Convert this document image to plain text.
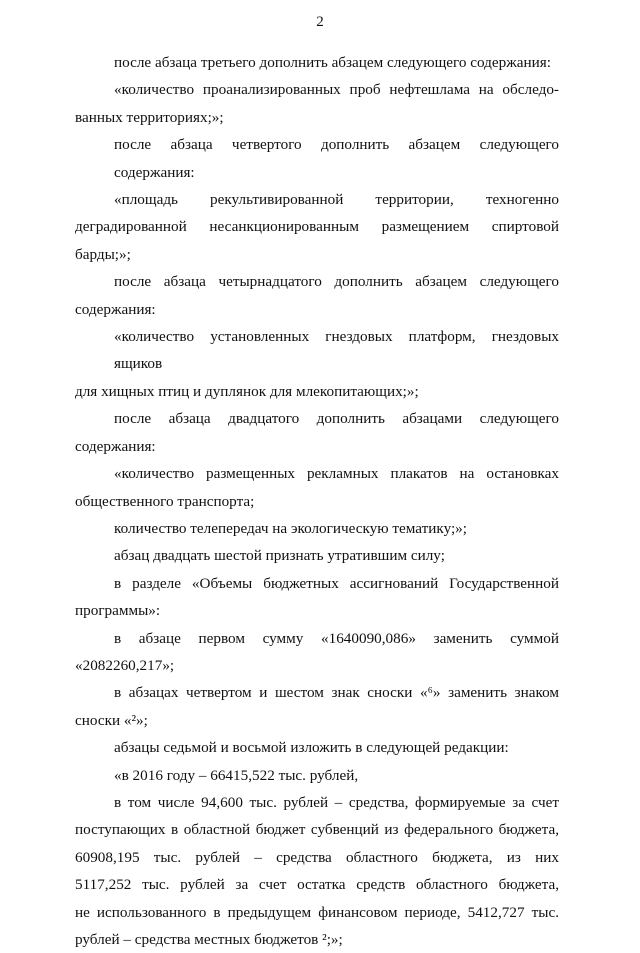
2
после абзаца третьего дополнить абзацем следующего содержания:
«количество проанализированных проб нефтешлама на обследо-
ванных территориях;»;
после абзаца четвертого дополнить абзацем следующего содержания:
«площадь рекультивированной территории, техногенно
деградированной несанкционированным размещением спиртовой барды;»;
после абзаца четырнадцатого дополнить абзацем следующего
содержания:
«количество установленных гнездовых платформ, гнездовых ящиков
для хищных птиц и дуплянок для млекопитающих;»;
после абзаца двадцатого дополнить абзацами следующего
содержания:
«количество размещенных рекламных плакатов на остановках
общественного транспорта;
количество телепередач на экологическую тематику;»;
абзац двадцать шестой признать утратившим силу;
в разделе «Объемы бюджетных ассигнований Государственной
программы»:
в абзаце первом сумму «1640090,086» заменить суммой
«2082260,217»;
в абзацах четвертом и шестом знак сноски «⁶» заменить знаком
сноски «²»;
абзацы седьмой и восьмой изложить в следующей редакции:
«в 2016 году – 66415,522 тыс. рублей,
в том числе 94,600 тыс. рублей – средства, формируемые за счет
поступающих в областной бюджет субвенций из федерального бюджета,
60908,195 тыс. рублей – средства областного бюджета, из них
5117,252 тыс. рублей за счет остатка средств областного бюджета,
не использованного в предыдущем финансовом периоде, 5412,727 тыс.
рублей – средства местных бюджетов ²;»;
